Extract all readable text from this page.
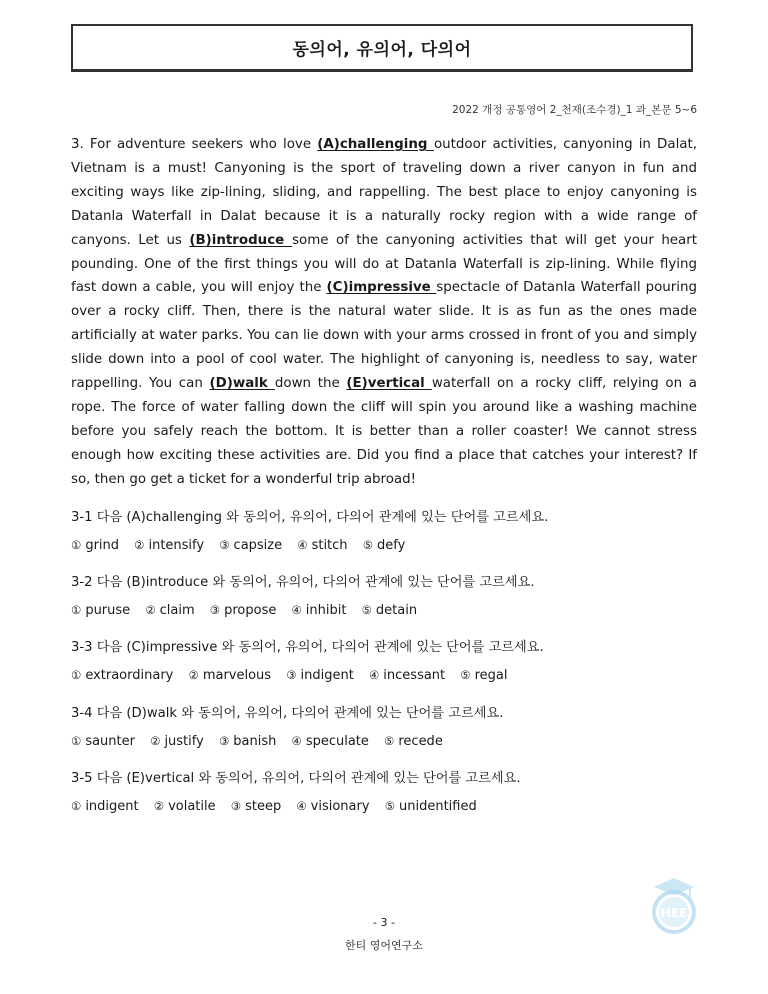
동의어, 유의어, 다의어
2022 개정 공통영어 2_천재(조수경)_1 과_본문 5~6

3. For adventure seekers who love (A)challenging outdoor activities, canyoning in Dalat, Vietnam is a must! Canyoning is the sport of traveling down a river canyon in fun and exciting ways like zip-lining, sliding, and rappelling. The best place to enjoy canyoning is Datanla Waterfall in Dalat because it is a naturally rocky region with a wide range of canyons. Let us (B)introduce some of the canyoning activities that will get your heart pounding. One of the first things you will do at Datanla Waterfall is zip-lining. While flying fast down a cable, you will enjoy the (C)impressive spectacle of Datanla Waterfall pouring over a rocky cliff. Then, there is the natural water slide. It is as fun as the ones made artificially at water parks. You can lie down with your arms crossed in front of you and simply slide down into a pool of cool water. The highlight of canyoning is, needless to say, water rappelling. You can (D)walk down the (E)vertical waterfall on a rocky cliff, relying on a rope. The force of water falling down the cliff will spin you around like a washing machine before you safely reach the bottom. It is better than a roller coaster! We cannot stress enough how exciting these activities are. Did you find a place that catches your interest? If so, then go get a ticket for a wonderful trip abroad!

3-1 다음 (A)challenging 와 동의어, 유의어, 다의어 관계에 있는 단어를 고르세요.
① grind ② intensify ③ capsize ④ stitch ⑤ defy
3-2 다음 (B)introduce 와 동의어, 유의어, 다의어 관계에 있는 단어를 고르세요.
① puruse ② claim ③ propose ④ inhibit ⑤ detain
3-3 다음 (C)impressive 와 동의어, 유의어, 다의어 관계에 있는 단어를 고르세요.
① extraordinary ② marvelous ③ indigent ④ incessant ⑤ regal
3-4 다음 (D)walk 와 동의어, 유의어, 다의어 관계에 있는 단어를 고르세요.
① saunter ② justify ③ banish ④ speculate ⑤ recede
3-5 다음 (E)vertical 와 동의어, 유의어, 다의어 관계에 있는 단어를 고르세요.
① indigent ② volatile ③ steep ④ visionary ⑤ unidentified
HEE
- 3 -
한티 영어연구소
